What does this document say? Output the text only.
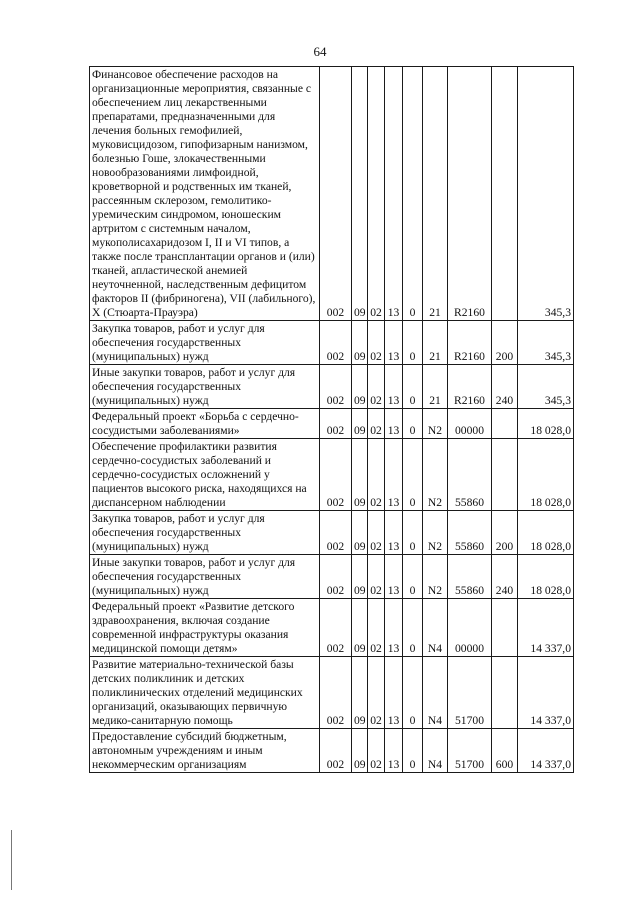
64
Финансовое обеспечение расходов на организационные мероприятия, связанные с обеспечением лиц лекарственными препаратами, предназначенными для лечения больных гемофилией, муковисцидозом, гипофизарным нанизмом, болезнью Гоше, злокачественными новообразованиями лимфоидной, кроветворной и родственных им тканей, рассеянным склерозом, гемолитико-уремическим синдромом, юношеским артритом с системным началом, мукополисахаридозом I, II и VI типов, а также после трансплантации органов и (или) тканей, апластической анемией неуточненной, наследственным дефицитом факторов II (фибриногена), VII (лабильного), X (Стюарта-Прауэра)	002	09	02	13	0	21	R2160		345,3
Закупка товаров, работ и услуг для обеспечения государственных (муниципальных) нужд	002	09	02	13	0	21	R2160	200	345,3
Иные закупки товаров, работ и услуг для обеспечения государственных (муниципальных) нужд	002	09	02	13	0	21	R2160	240	345,3
Федеральный проект «Борьба с сердечно-сосудистыми заболеваниями»	002	09	02	13	0	N2	00000		18 028,0
Обеспечение профилактики развития сердечно-сосудистых заболеваний и сердечно-сосудистых осложнений у пациентов высокого риска, находящихся на диспансерном наблюдении	002	09	02	13	0	N2	55860		18 028,0
Закупка товаров, работ и услуг для обеспечения государственных (муниципальных) нужд	002	09	02	13	0	N2	55860	200	18 028,0
Иные закупки товаров, работ и услуг для обеспечения государственных (муниципальных) нужд	002	09	02	13	0	N2	55860	240	18 028,0
Федеральный проект «Развитие детского здравоохранения, включая создание современной инфраструктуры оказания медицинской помощи детям»	002	09	02	13	0	N4	00000		14 337,0
Развитие материально-технической базы детских поликлиник и детских поликлинических отделений медицинских организаций, оказывающих первичную медико-санитарную помощь	002	09	02	13	0	N4	51700		14 337,0
Предоставление субсидий бюджетным, автономным учреждениям и иным некоммерческим организациям	002	09	02	13	0	N4	51700	600	14 337,0
